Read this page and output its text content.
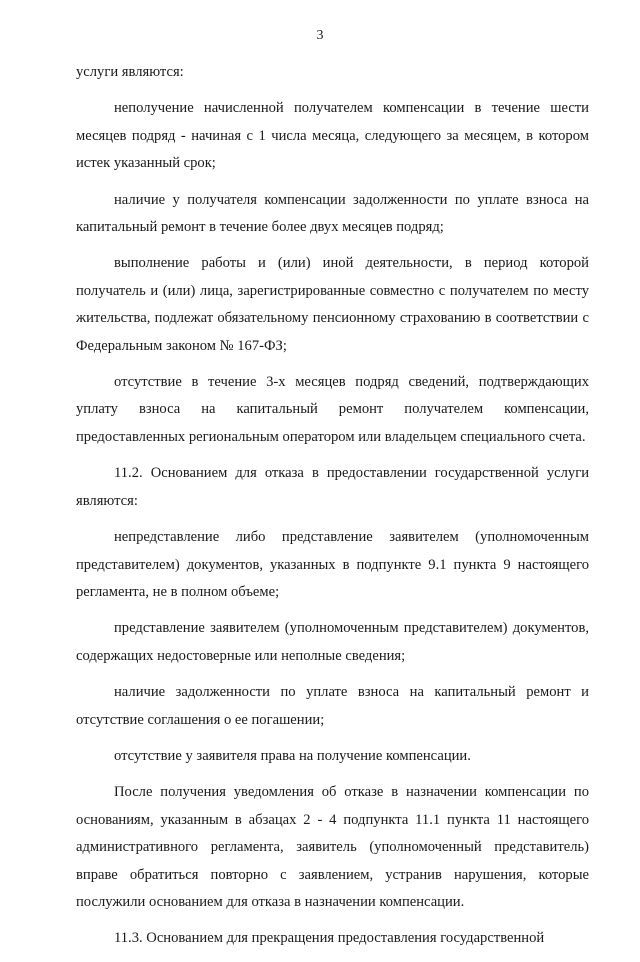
3

услуги являются:

неполучение начисленной получателем компенсации в течение шести месяцев подряд - начиная с 1 числа месяца, следующего за месяцем, в котором истек указанный срок;

наличие у получателя компенсации задолженности по уплате взноса на капитальный ремонт в течение более двух месяцев подряд;

выполнение работы и (или) иной деятельности, в период которой получатель и (или) лица, зарегистрированные совместно с получателем по месту жительства, подлежат обязательному пенсионному страхованию в соответствии с Федеральным законом № 167-ФЗ;

отсутствие в течение 3-х месяцев подряд сведений, подтверждающих уплату взноса на капитальный ремонт получателем компенсации, предоставленных региональным оператором или владельцем специального счета.

11.2. Основанием для отказа в предоставлении государственной услуги являются:

непредставление либо представление заявителем (уполномоченным представителем) документов, указанных в подпункте 9.1 пункта 9 настоящего регламента, не в полном объеме;

представление заявителем (уполномоченным представителем) документов, содержащих недостоверные или неполные сведения;

наличие задолженности по уплате взноса на капитальный ремонт и отсутствие соглашения о ее погашении;

отсутствие у заявителя права на получение компенсации.

После получения уведомления об отказе в назначении компенсации по основаниям, указанным в абзацах 2 - 4 подпункта 11.1 пункта 11 настоящего административного регламента, заявитель (уполномоченный представитель) вправе обратиться повторно с заявлением, устранив нарушения, которые послужили основанием для отказа в назначении компенсации.

11.3. Основанием для прекращения предоставления государственной
